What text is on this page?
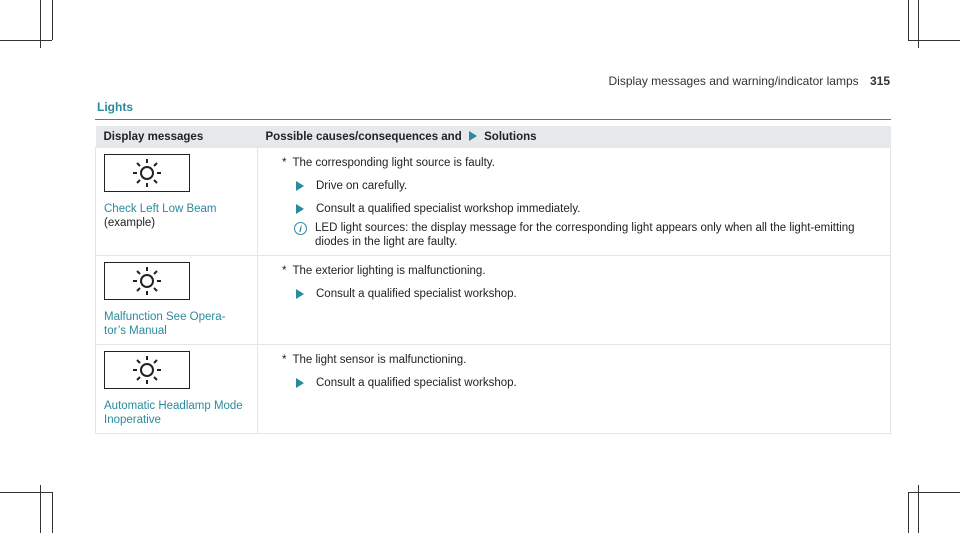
Display messages and warning/indicator lamps 315
Lights
Display messages	Possible causes/consequences and Solutions

Check Left Low Beam (example)	* The corresponding light source is faulty.
Drive on carefully.
Consult a qualified specialist workshop immediately.
i LED light sources: the display message for the corresponding light appears only when all the light-emitting diodes in the light are faulty.

Malfunction See Opera- tor’s Manual	* The exterior lighting is malfunctioning.
Consult a qualified specialist workshop.

Automatic Headlamp Mode Inoperative	* The light sensor is malfunctioning.
Consult a qualified specialist workshop.
